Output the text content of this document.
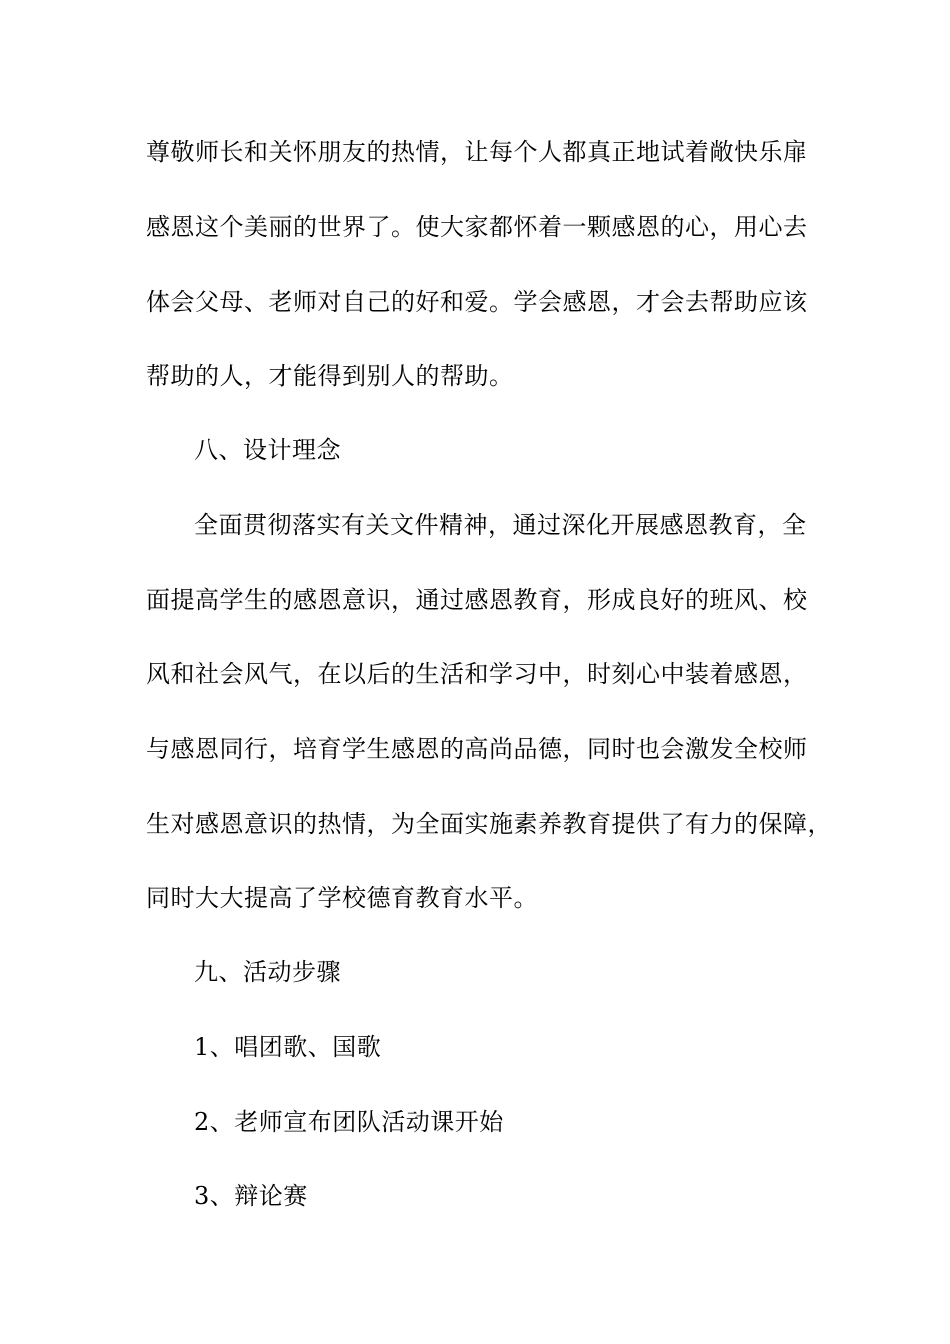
尊敬师长和关怀朋友的热情，让每个人都真正地试着敞快乐扉
感恩这个美丽的世界了。使大家都怀着一颗感恩的心，用心去
体会父母、老师对自己的好和爱。学会感恩，才会去帮助应该
帮助的人，才能得到别人的帮助。
八、设计理念
全面贯彻落实有关文件精神，通过深化开展感恩教育，全
面提高学生的感恩意识，通过感恩教育，形成良好的班风、校
风和社会风气，在以后的生活和学习中，时刻心中装着感恩，
与感恩同行，培育学生感恩的高尚品德，同时也会激发全校师
生对感恩意识的热情，为全面实施素养教育提供了有力的保障，
同时大大提高了学校德育教育水平。
九、活动步骤
1、唱团歌、国歌
2、老师宣布团队活动课开始
3、辩论赛
